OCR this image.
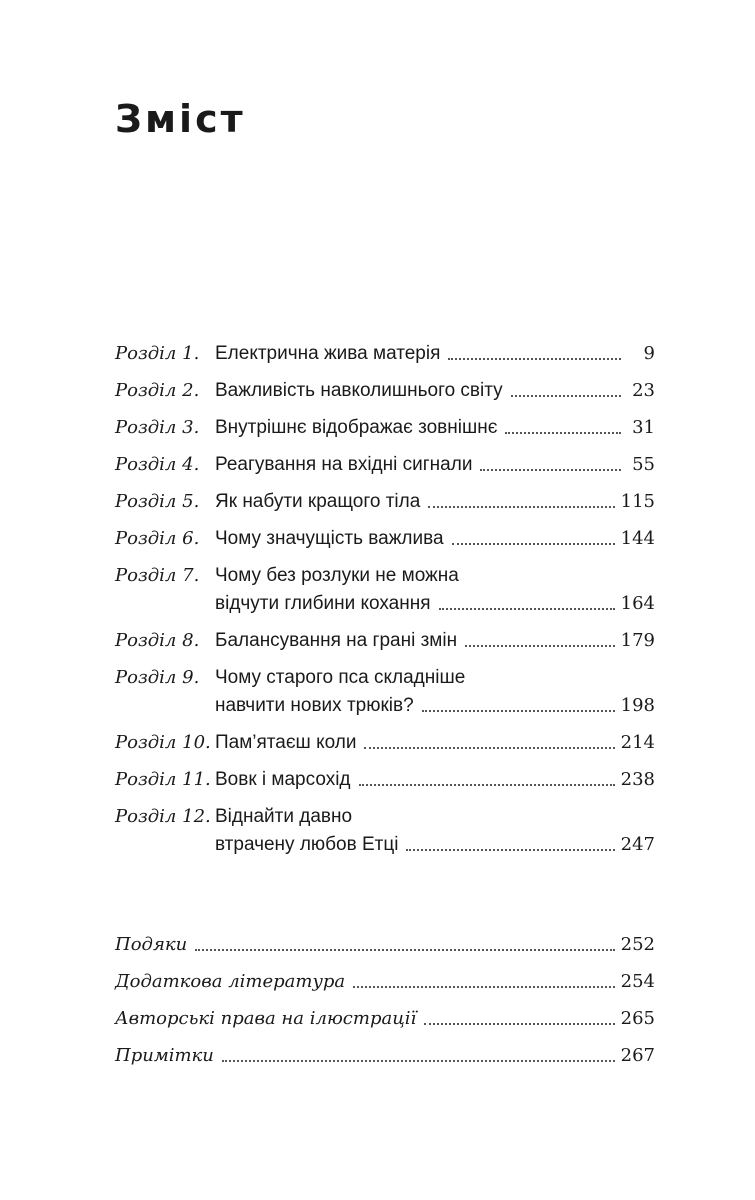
Зміст
Розділ 1. Електрична жива матерія	9
Розділ 2. Важливість навколишнього світу	23
Розділ 3. Внутрішнє відображає зовнішнє	31
Розділ 4. Реагування на вхідні сигнали	55
Розділ 5. Як набути кращого тіла	115
Розділ 6. Чому значущість важлива	144
Розділ 7. Чому без розлуки не можна
відчути глибини кохання	164
Розділ 8. Балансування на грані змін	179
Розділ 9. Чому старого пса складніше
навчити нових трюків?	198
Розділ 10. Пам’ятаєш коли	214
Розділ 11. Вовк і марсохід	238
Розділ 12. Віднайти давно
втрачену любов Етці	247
Подяки	252
Додаткова література	254
Авторські права на ілюстрації	265
Примітки	267
